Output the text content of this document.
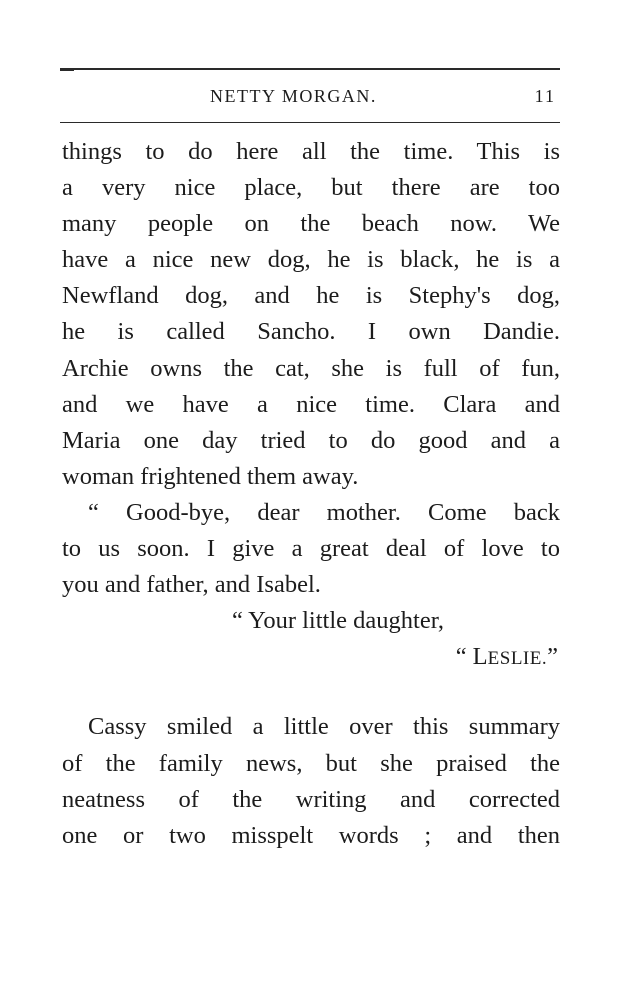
NETTY MORGAN.	11
things to do here all the time. This is
a very nice place, but there are too
many people on the beach now. We
have a nice new dog, he is black, he is a
Newfland dog, and he is Stephy's dog,
he is called Sancho. I own Dandie.
Archie owns the cat, she is full of fun,
and we have a nice time. Clara and
Maria one day tried to do good and a
woman frightened them away.
“ Good-bye, dear mother. Come back
to us soon. I give a great deal of love to
you and father, and Isabel.
“ Your little daughter,
“ LESLIE.”
Cassy smiled a little over this summary
of the family news, but she praised the
neatness of the writing and corrected
one or two misspelt words ; and then
